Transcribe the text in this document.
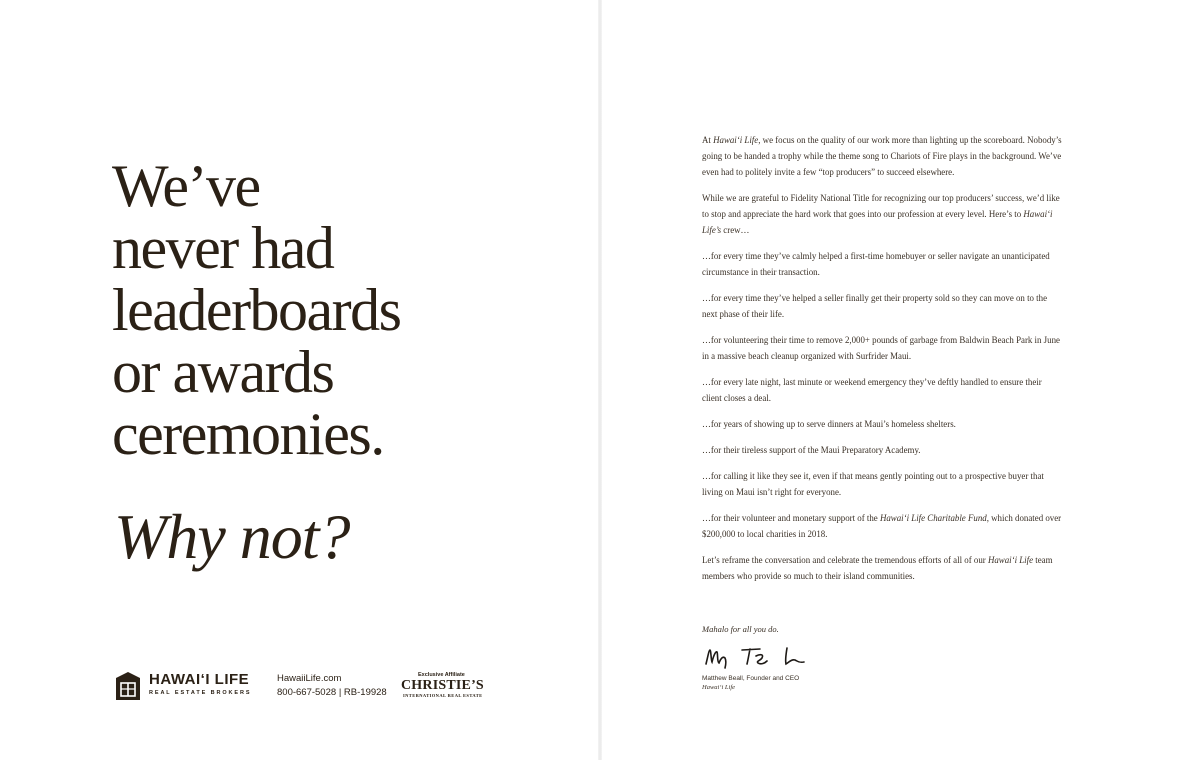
We’ve
never had
leaderboards
or awards
ceremonies.
Why not?
HAWAI‘I LIFE
REAL ESTATE BROKERS
HawaiiLife.com
800-667-5028 | RB-19928
Exclusive Affiliate
CHRISTIE’S
INTERNATIONAL REAL ESTATE

At Hawai‘i Life, we focus on the quality of our work more than lighting up the scoreboard. Nobody’s going to be handed a trophy while the theme song to Chariots of Fire plays in the background. We’ve even had to politely invite a few “top producers” to succeed elsewhere.

While we are grateful to Fidelity National Title for recognizing our top producers’ success, we’d like to stop and appreciate the hard work that goes into our profession at every level. Here’s to Hawai‘i Life’s crew…

…for every time they’ve calmly helped a first-time homebuyer or seller navigate an unanticipated circumstance in their transaction.

…for every time they’ve helped a seller finally get their property sold so they can move on to the next phase of their life.

…for volunteering their time to remove 2,000+ pounds of garbage from Baldwin Beach Park in June in a massive beach cleanup organized with Surfrider Maui.

…for every late night, last minute or weekend emergency they’ve deftly handled to ensure their client closes a deal.

…for years of showing up to serve dinners at Maui’s homeless shelters.

…for their tireless support of the Maui Preparatory Academy.

…for calling it like they see it, even if that means gently pointing out to a prospective buyer that living on Maui isn’t right for everyone.

…for their volunteer and monetary support of the Hawai‘i Life Charitable Fund, which donated over $200,000 to local charities in 2018.

Let’s reframe the conversation and celebrate the tremendous efforts of all of our Hawai‘i Life team members who provide so much to their island communities.

Mahalo for all you do.
Matthew Beall, Founder and CEO
Hawai‘i Life
